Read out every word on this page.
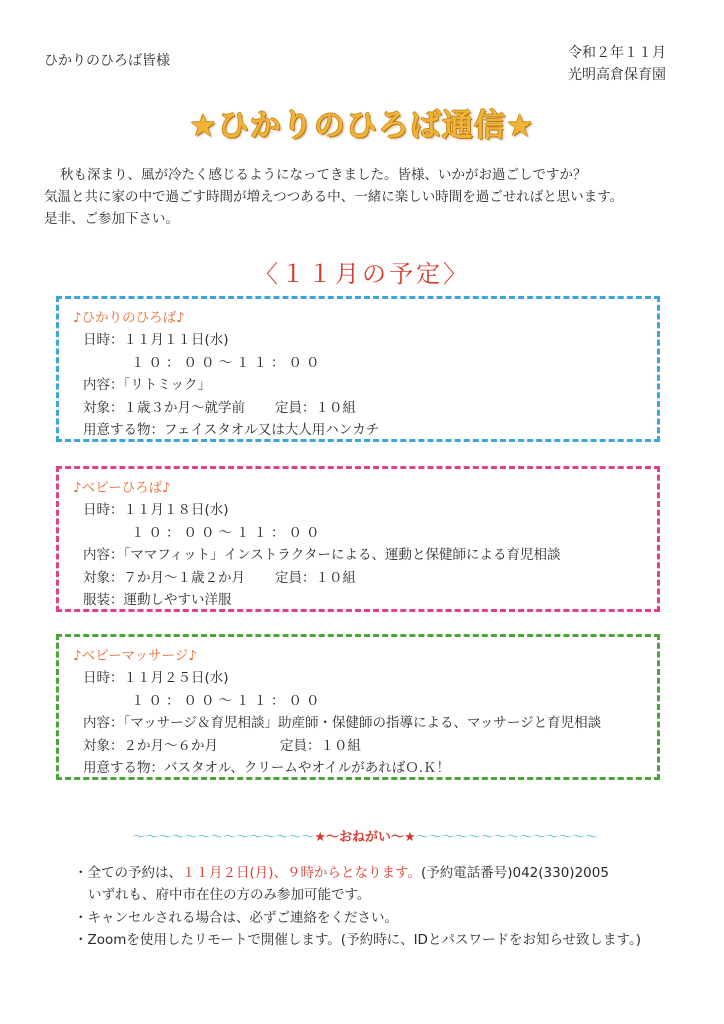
ひかりのひろば皆様	令和２年１１月
光明高倉保育園
★ひかりのひろば通信★

秋も深まり、風が冷たく感じるようになってきました。皆様、いかがお過ごしですか？

気温と共に家の中で過ごす時間が増えつつある中、一緒に楽しい時間を過ごせればと思います。

是非、ご参加下さい。

〈１１月の予定〉
♪ひかりのひろば♪
日時：１１月１１日(水)
１０：００～１１：００
内容：「リトミック」
対象：１歳３か月～就学前 定員：１０組
用意する物：フェイスタオル又は大人用ハンカチ
♪ベビーひろば♪
日時：１１月１８日(水)
１０：００～１１：００
内容：「ママフィット」インストラクターによる、運動と保健師による育児相談
対象：７か月～１歳２か月 定員：１０組
服装：運動しやすい洋服
♪ベビーマッサージ♪
日時：１１月２５日(水)
１０：００～１１：００
内容：「マッサージ＆育児相談」助産師・保健師の指導による、マッサージと育児相談
対象：２か月～６か月	定員：１０組
用意する物：バスタオル、クリームやオイルがあればＯ.Ｋ！
～～～～～～～～～～～～～～★～おねがい～★～～～～～～～～～～～～～～
・全ての予約は、１１月２日(月)、９時からとなります。(予約電話番号)042(330)2005
いずれも、府中市在住の方のみ参加可能です。
・キャンセルされる場合は、必ずご連絡をください。
・Zoomを使用したリモートで開催します。(予約時に、IDとパスワードをお知らせ致します。)
